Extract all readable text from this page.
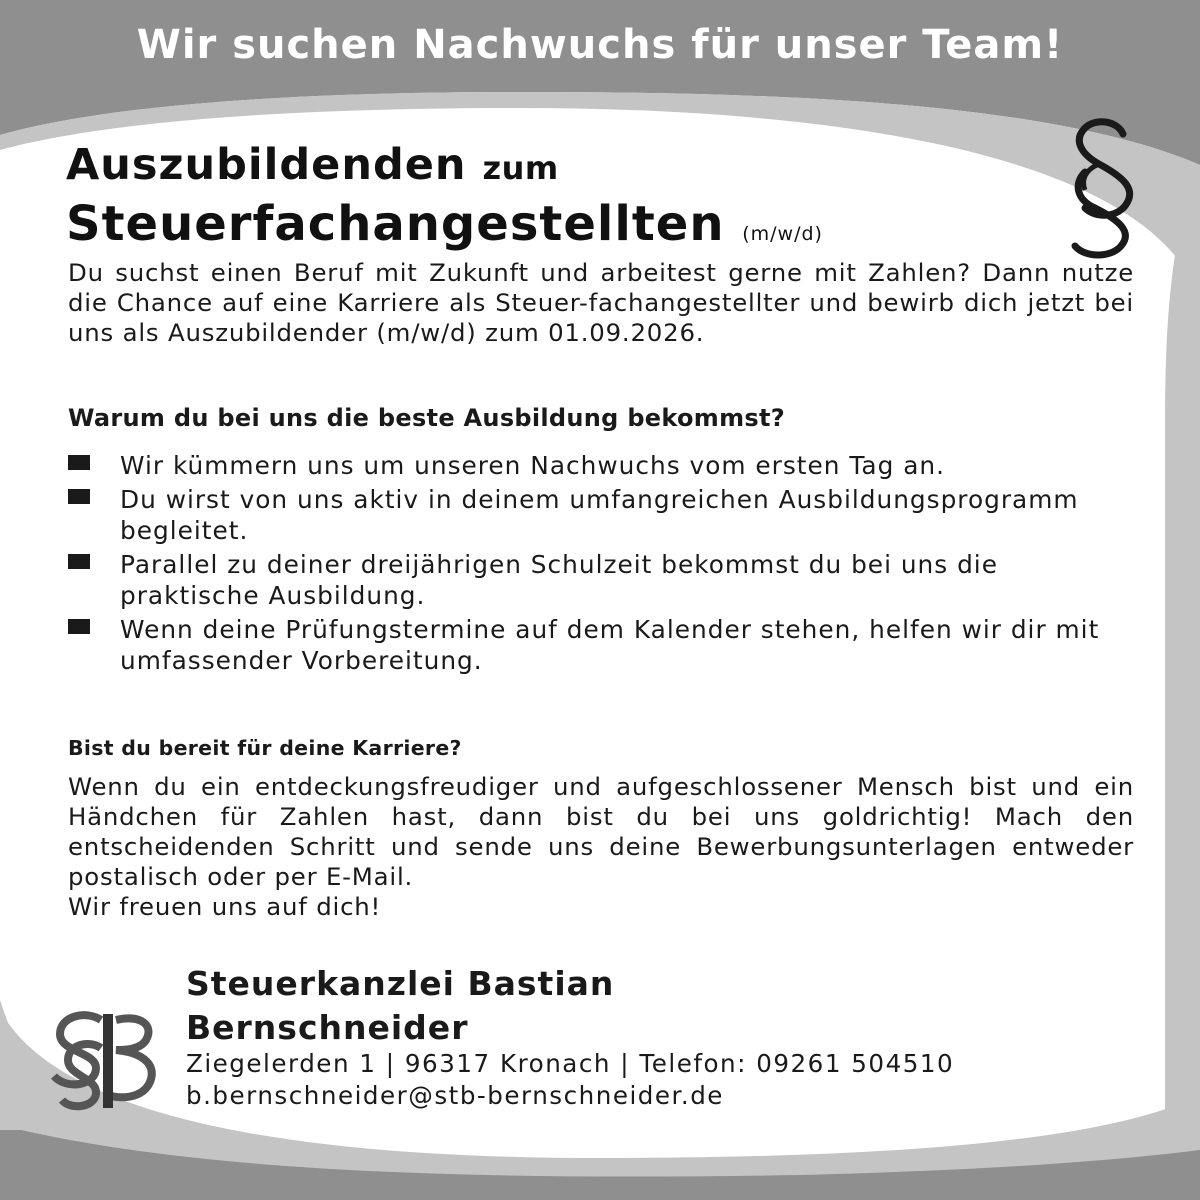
Wir suchen Nachwuchs für unser Team!
Auszubildenden zum
Steuerfachangestellten (m/w/d)
Du suchst einen Beruf mit Zukunft und arbeitest gerne mit Zahlen? Dann nutze die Chance auf eine Karriere als Steuer-fachangestellter und bewirb dich jetzt bei uns als Auszubildender (m/w/d) zum 01.09.2026.
Warum du bei uns die beste Ausbildung bekommst?
Wir kümmern uns um unseren Nachwuchs vom ersten Tag an.
Du wirst von uns aktiv in deinem umfangreichen Ausbildungsprogramm begleitet.
Parallel zu deiner dreijährigen Schulzeit bekommst du bei uns die praktische Ausbildung.
Wenn deine Prüfungstermine auf dem Kalender stehen, helfen wir dir mit umfassender Vorbereitung.
Bist du bereit für deine Karriere?
Wenn du ein entdeckungsfreudiger und aufgeschlossener Mensch bist und ein Händchen für Zahlen hast, dann bist du bei uns goldrichtig! Mach den entscheidenden Schritt und sende uns deine Bewerbungsunterlagen entweder postalisch oder per E-Mail.
Wir freuen uns auf dich!
Steuerkanzlei Bastian
Bernschneider
Ziegelerden 1 | 96317 Kronach | Telefon: 09261 504510
b.bernschneider@stb-bernschneider.de
